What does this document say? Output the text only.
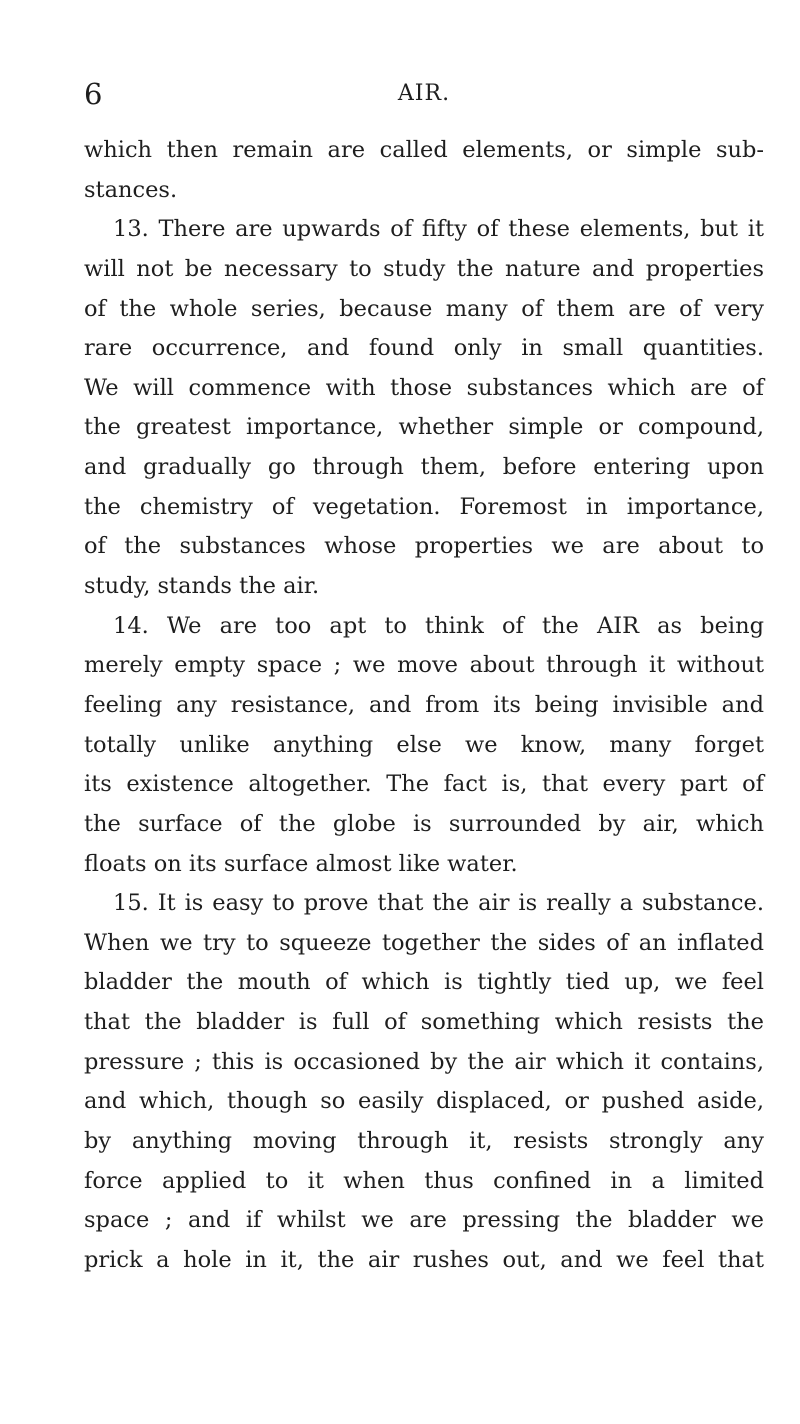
6	AIR.
which then remain are called elements, or simple sub-
stances.
13. There are upwards of fifty of these elements, but it
will not be necessary to study the nature and properties
of the whole series, because many of them are of very
rare occurrence, and found only in small quantities.
We will commence with those substances which are of
the greatest importance, whether simple or compound,
and gradually go through them, before entering upon
the chemistry of vegetation. Foremost in importance,
of the substances whose properties we are about to
study, stands the air.
14. We are too apt to think of the AIR as being
merely empty space ; we move about through it without
feeling any resistance, and from its being invisible and
totally unlike anything else we know, many forget
its existence altogether. The fact is, that every part of
the surface of the globe is surrounded by air, which
floats on its surface almost like water.
15. It is easy to prove that the air is really a substance.
When we try to squeeze together the sides of an inflated
bladder the mouth of which is tightly tied up, we feel
that the bladder is full of something which resists the
pressure ; this is occasioned by the air which it contains,
and which, though so easily displaced, or pushed aside,
by anything moving through it, resists strongly any
force applied to it when thus confined in a limited
space ; and if whilst we are pressing the bladder we
prick a hole in it, the air rushes out, and we feel that
